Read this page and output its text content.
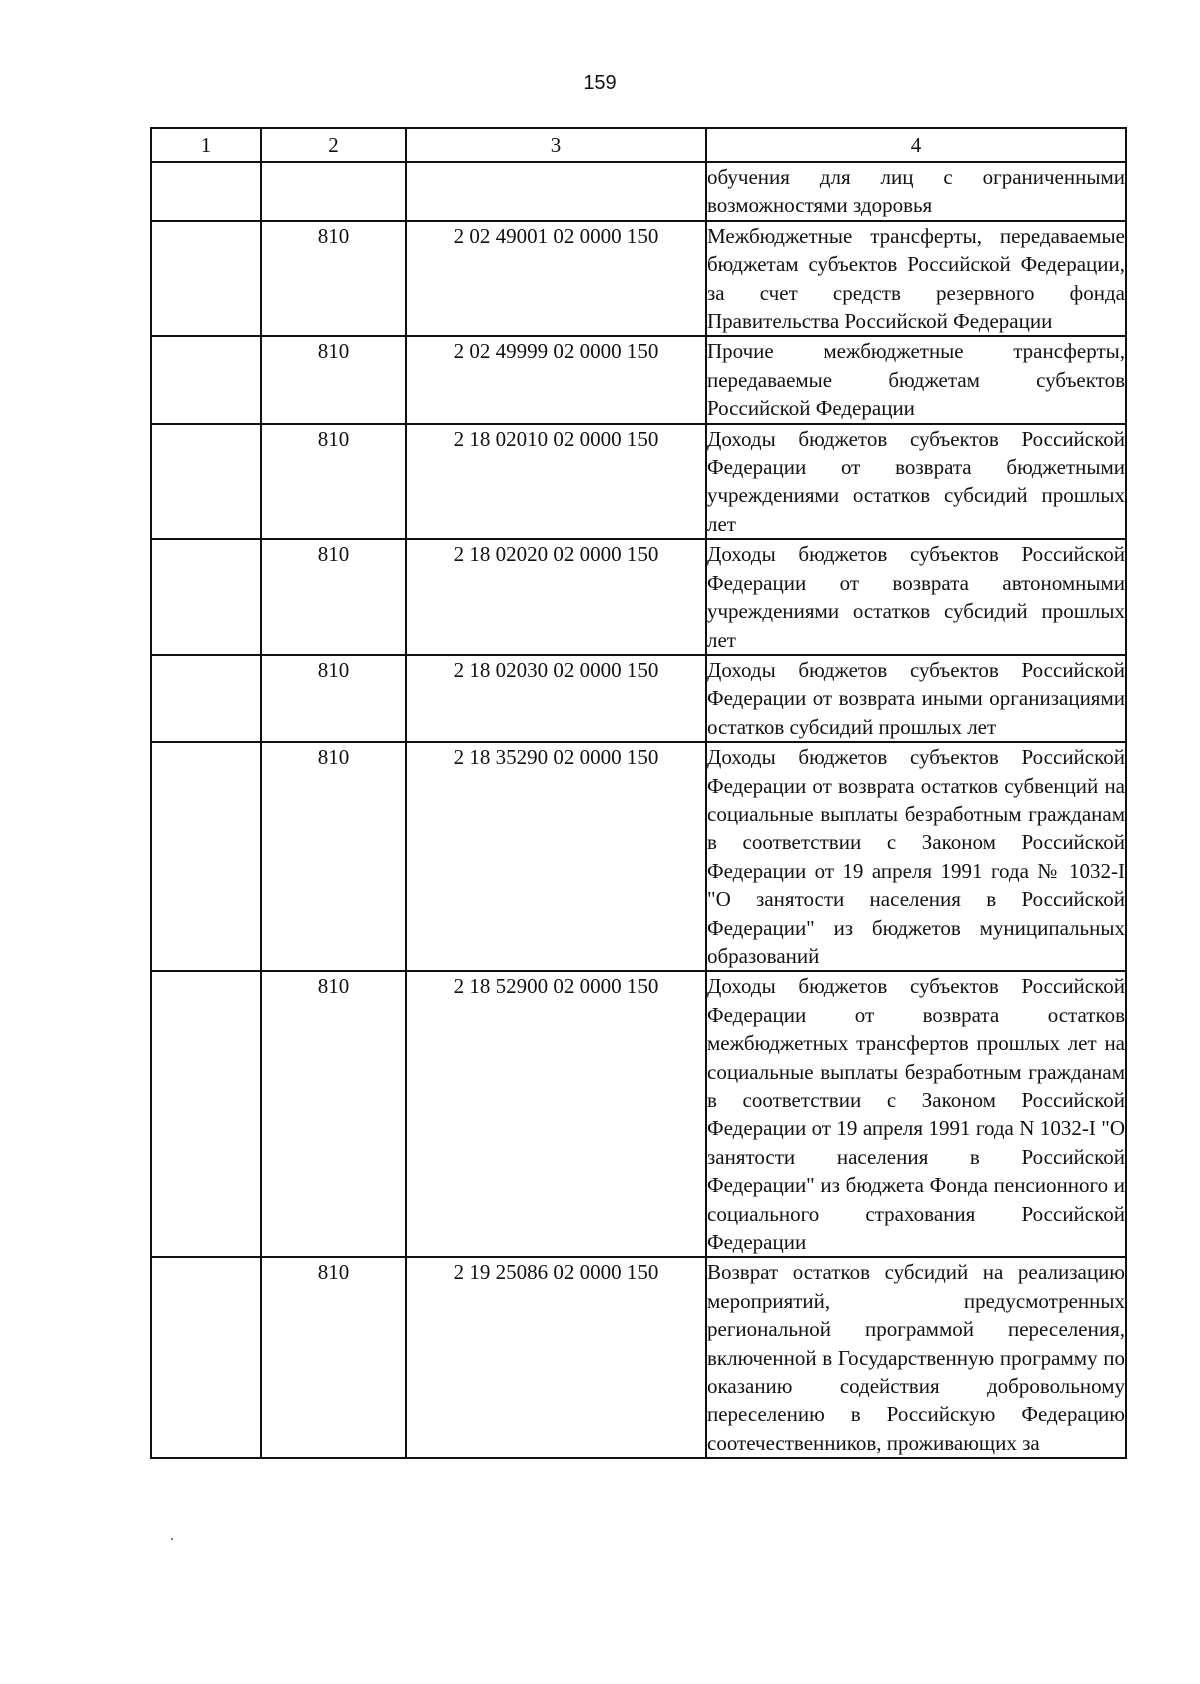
159
1	2	3	4
			обучения для лиц с ограниченными возможностями здоровья
	810	2 02 49001 02 0000 150	Межбюджетные трансферты, передаваемые бюджетам субъектов Российской Федерации, за счет средств резервного фонда Правительства Российской Федерации
	810	2 02 49999 02 0000 150	Прочие межбюджетные трансферты, передаваемые бюджетам субъектов Российской Федерации
	810	2 18 02010 02 0000 150	Доходы бюджетов субъектов Российской Федерации от возврата бюджетными учреждениями остатков субсидий прошлых лет
	810	2 18 02020 02 0000 150	Доходы бюджетов субъектов Российской Федерации от возврата автономными учреждениями остатков субсидий прошлых лет
	810	2 18 02030 02 0000 150	Доходы бюджетов субъектов Российской Федерации от возврата иными организациями остатков субсидий прошлых лет
	810	2 18 35290 02 0000 150	Доходы бюджетов субъектов Российской Федерации от возврата остатков субвенций на социальные выплаты безработным гражданам в соответствии с Законом Российской Федерации от 19 апреля 1991 года № 1032-I "О занятости населения в Российской Федерации" из бюджетов муниципальных образований
	810	2 18 52900 02 0000 150	Доходы бюджетов субъектов Российской Федерации от возврата остатков межбюджетных трансфертов прошлых лет на социальные выплаты безработным гражданам в соответствии с Законом Российской Федерации от 19 апреля 1991 года N 1032-I "О занятости населения в Российской Федерации" из бюджета Фонда пенсионного и социального страхования Российской Федерации
	810	2 19 25086 02 0000 150	Возврат остатков субсидий на реализацию мероприятий, предусмотренных региональной программой переселения, включенной в Государственную программу по оказанию содействия добровольному переселению в Российскую Федерацию соотечественников, проживающих за
